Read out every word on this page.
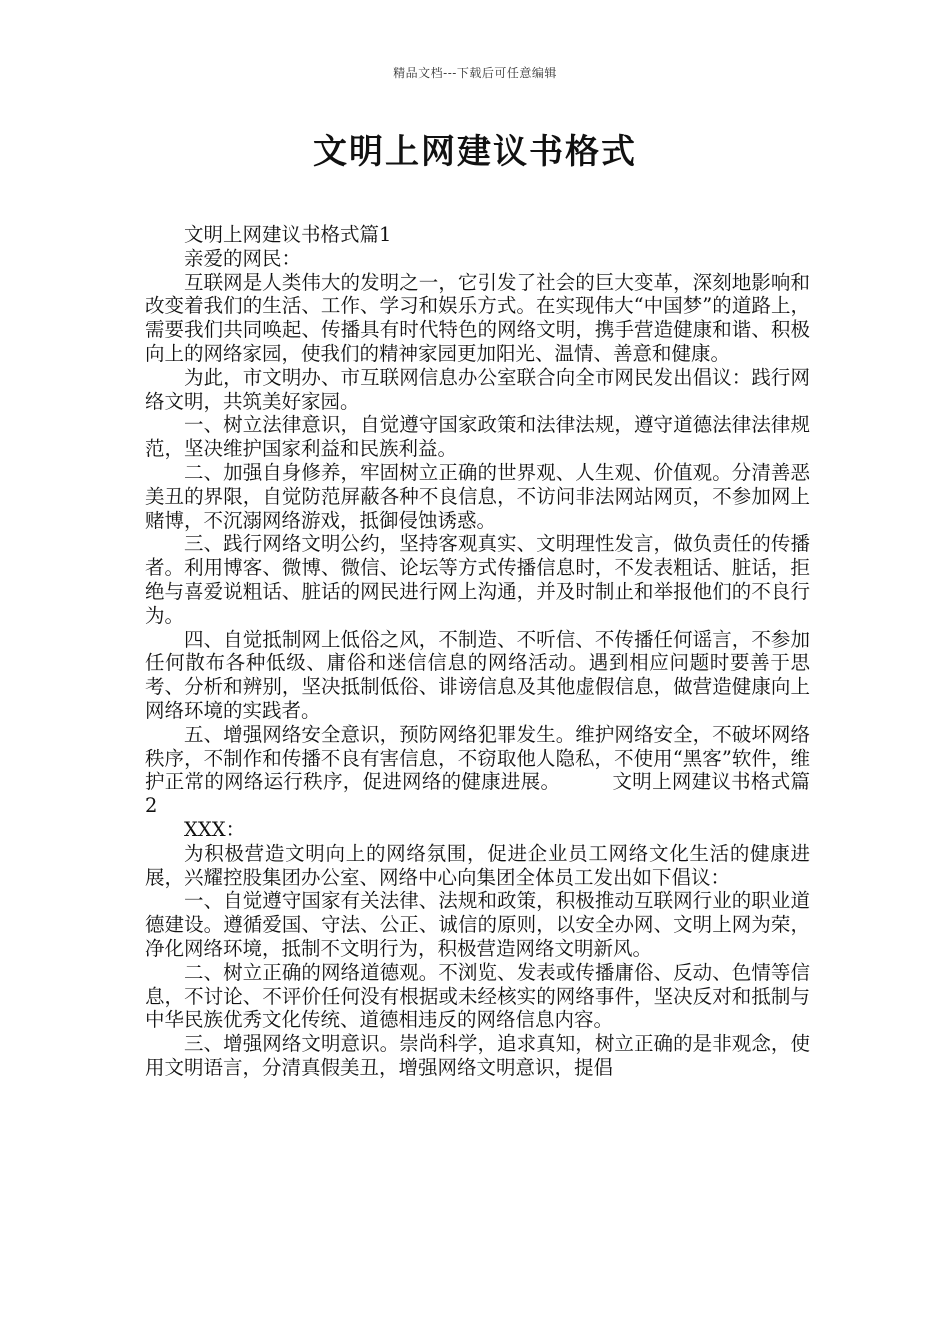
精品文档---下载后可任意编辑
文明上网建议书格式

文明上网建议书格式篇1

亲爱的网民：

互联网是人类伟大的发明之一，它引发了社会的巨大变革，深刻地影响和改变着我们的生活、工作、学习和娱乐方式。在实现伟大“中国梦”的道路上，需要我们共同唤起、传播具有时代特色的网络文明，携手营造健康和谐、积极向上的网络家园，使我们的精神家园更加阳光、温情、善意和健康。

为此，市文明办、市互联网信息办公室联合向全市网民发出倡议：践行网络文明，共筑美好家园。

一、树立法律意识，自觉遵守国家政策和法律法规，遵守道德法律法律规范，坚决维护国家利益和民族利益。

二、加强自身修养，牢固树立正确的世界观、人生观、价值观。分清善恶美丑的界限，自觉防范屏蔽各种不良信息，不访问非法网站网页，不参加网上赌博，不沉溺网络游戏，抵御侵蚀诱惑。

三、践行网络文明公约，坚持客观真实、文明理性发言，做负责任的传播者。利用博客、微博、微信、论坛等方式传播信息时，不发表粗话、脏话，拒绝与喜爱说粗话、脏话的网民进行网上沟通，并及时制止和举报他们的不良行为。

四、自觉抵制网上低俗之风，不制造、不听信、不传播任何谣言，不参加任何散布各种低级、庸俗和迷信信息的网络活动。遇到相应问题时要善于思考、分析和辨别，坚决抵制低俗、诽谤信息及其他虚假信息，做营造健康向上网络环境的实践者。

五、增强网络安全意识，预防网络犯罪发生。维护网络安全，不破坏网络秩序，不制作和传播不良有害信息，不窃取他人隐私，不使用“黑客”软件，维护正常的网络运行秩序，促进网络的健康进展。	文明上网建议书格式篇2

XXX：

为积极营造文明向上的网络氛围，促进企业员工网络文化生活的健康进展，兴耀控股集团办公室、网络中心向集团全体员工发出如下倡议：

一、自觉遵守国家有关法律、法规和政策，积极推动互联网行业的职业道德建设。遵循爱国、守法、公正、诚信的原则，以安全办网、文明上网为荣，净化网络环境，抵制不文明行为，积极营造网络文明新风。

二、树立正确的网络道德观。不浏览、发表或传播庸俗、反动、色情等信息，不讨论、不评价任何没有根据或未经核实的网络事件，坚决反对和抵制与中华民族优秀文化传统、道德相违反的网络信息内容。

三、增强网络文明意识。崇尚科学，追求真知，树立正确的是非观念，使用文明语言，分清真假美丑，增强网络文明意识，提倡
